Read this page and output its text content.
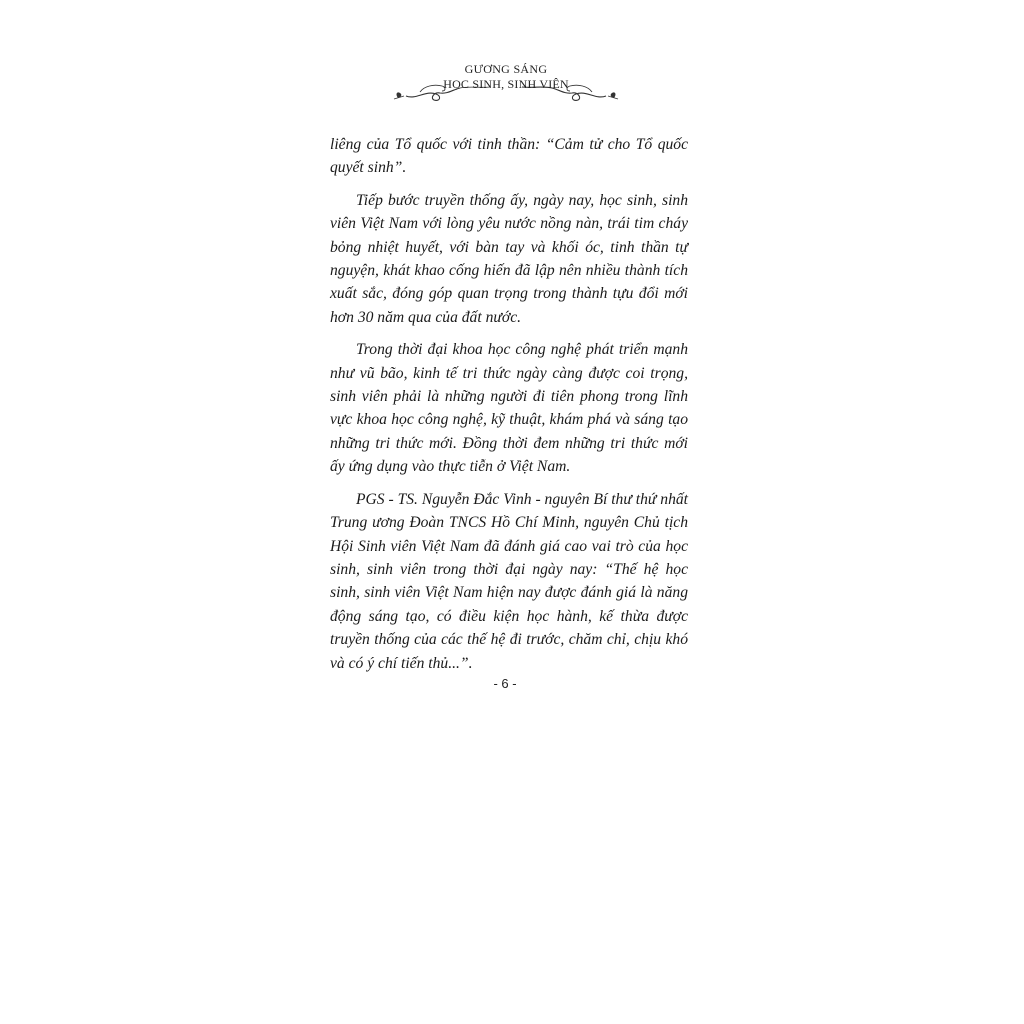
GƯƠNG SÁNG
HỌC SINH, SINH VIÊN

liêng của Tổ quốc với tinh thần: “Cảm tử cho Tổ quốc quyết sinh”.

Tiếp bước truyền thống ấy, ngày nay, học sinh, sinh viên Việt Nam với lòng yêu nước nồng nàn, trái tim cháy bỏng nhiệt huyết, với bàn tay và khối óc, tinh thần tự nguyện, khát khao cống hiến đã lập nên nhiều thành tích xuất sắc, đóng góp quan trọng trong thành tựu đổi mới hơn 30 năm qua của đất nước.

Trong thời đại khoa học công nghệ phát triển mạnh như vũ bão, kinh tế tri thức ngày càng được coi trọng, sinh viên phải là những người đi tiên phong trong lĩnh vực khoa học công nghệ, kỹ thuật, khám phá và sáng tạo những tri thức mới. Đồng thời đem những tri thức mới ấy ứng dụng vào thực tiễn ở Việt Nam.

PGS - TS. Nguyễn Đắc Vinh - nguyên Bí thư thứ nhất Trung ương Đoàn TNCS Hồ Chí Minh, nguyên Chủ tịch Hội Sinh viên Việt Nam đã đánh giá cao vai trò của học sinh, sinh viên trong thời đại ngày nay: “Thế hệ học sinh, sinh viên Việt Nam hiện nay được đánh giá là năng động sáng tạo, có điều kiện học hành, kế thừa được truyền thống của các thế hệ đi trước, chăm chỉ, chịu khó và có ý chí tiến thủ...”.

- 6 -
